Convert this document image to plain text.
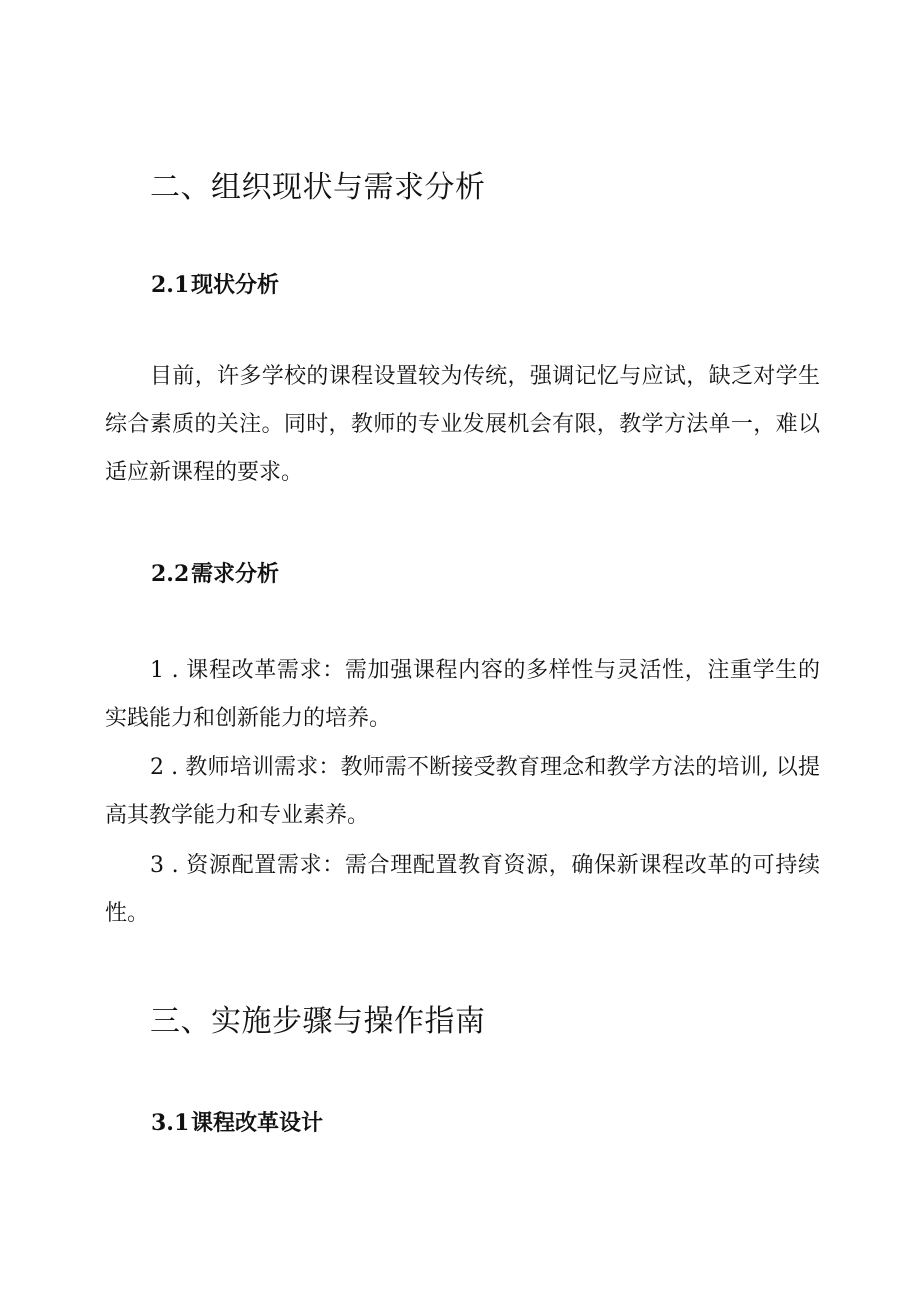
二、组织现状与需求分析
2.1现状分析

目前，许多学校的课程设置较为传统，强调记忆与应试，缺乏对学生综合素质的关注。同时，教师的专业发展机会有限，教学方法单一，难以适应新课程的要求。

2.2需求分析

1 . 课程改革需求：需加强课程内容的多样性与灵活性，注重学生的实践能力和创新能力的培养。

2 . 教师培训需求：教师需不断接受教育理念和教学方法的培训, 以提高其教学能力和专业素养。

3 . 资源配置需求：需合理配置教育资源，确保新课程改革的可持续性。

三、实施步骤与操作指南
3.1课程改革设计
